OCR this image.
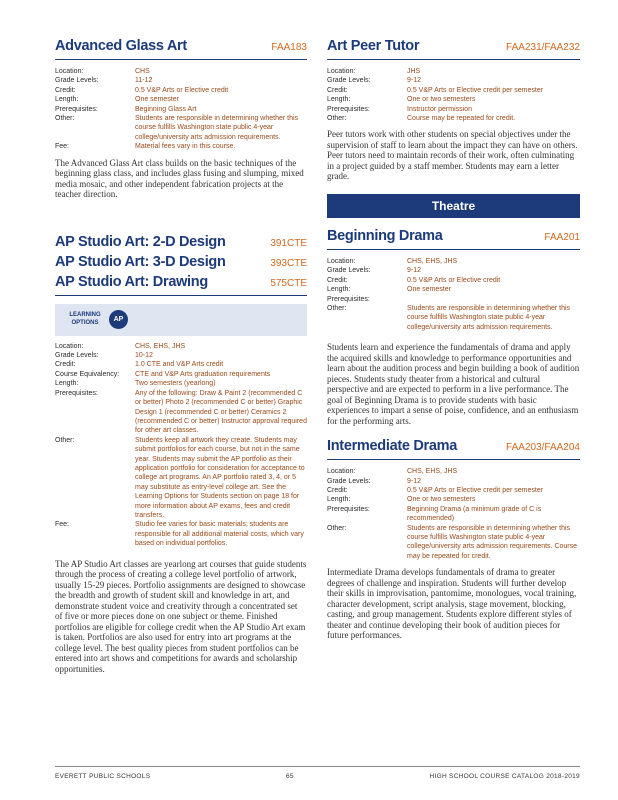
Advanced Glass Art	FAA183
Location:	CHS
Grade Levels:	11-12
Credit:	0.5 V&P Arts or Elective credit
Length:	One semester
Prerequisites:	Beginning Glass Art
Other:	Students are responsible in determining whether this course fulfills Washington state public 4-year college/university arts admission requirements.
Fee:	Material fees vary in this course.
The Advanced Glass Art class builds on the basic techniques of the beginning glass class, and includes glass fusing and slumping, mixed media mosaic, and other independent fabrication projects at the teacher direction.
AP Studio Art: 2-D Design	391CTE
AP Studio Art: 3-D Design	393CTE
AP Studio Art: Drawing	575CTE
LEARNING OPTIONS	AP
Location:	CHS, EHS, JHS
Grade Levels:	10-12
Credit:	1.0 CTE and V&P Arts credit
Course Equivalency:	CTE and V&P Arts graduation requirements
Length:	Two semesters (yearlong)
Prerequisites:	Any of the following: Draw & Paint 2 (recommended C or better) Photo 2 (recommended C or better) Graphic Design 1 (recommended C or better) Ceramics 2 (recommended C or better) Instructor approval required for other art classes.
Other:	Students keep all artwork they create. Students may submit portfolios for each course, but not in the same year. Students may submit the AP portfolio as their application portfolio for consideration for acceptance to college art programs. An AP portfolio rated 3, 4, or 5 may substitute as entry-level college art. See the Learning Options for Students section on page 18 for more information about AP exams, fees and credit transfers.
Fee:	Studio fee varies for basic materials; students are responsible for all additional material costs, which vary based on individual portfolios.
The AP Studio Art classes are yearlong art courses that guide students through the process of creating a college level portfolio of artwork, usually 15-29 pieces. Portfolio assignments are designed to showcase the breadth and growth of student skill and knowledge in art, and demonstrate student voice and creativity through a concentrated set of five or more pieces done on one subject or theme. Finished portfolios are eligible for college credit when the AP Studio Art exam is taken. Portfolios are also used for entry into art programs at the college level. The best quality pieces from student portfolios can be entered into art shows and competitions for awards and scholarship opportunities.
Art Peer Tutor	FAA231/FAA232
Location:	JHS
Grade Levels:	9-12
Credit:	0.5 V&P Arts or Elective credit per semester
Length:	One or two semesters
Prerequisites:	Instructor permission
Other:	Course may be repeated for credit.
Peer tutors work with other students on special objectives under the supervision of staff to learn about the impact they can have on others. Peer tutors need to maintain records of their work, often culminating in a project guided by a staff member. Students may earn a letter grade.
Theatre
Beginning Drama	FAA201
Location:	CHS, EHS, JHS
Grade Levels:	9-12
Credit:	0.5 V&P Arts or Elective credit
Length:	One semester
Prerequisites:
Other:	Students are responsible in determining whether this course fulfills Washington state public 4-year college/university arts admission requirements.
Students learn and experience the fundamentals of drama and apply the acquired skills and knowledge to performance opportunities and learn about the audition process and begin building a book of audition pieces. Students study theater from a historical and cultural perspective and are expected to perform in a live performance. The goal of Beginning Drama is to provide students with basic experiences to impart a sense of poise, confidence, and an enthusiasm for the performing arts.
Intermediate Drama	FAA203/FAA204
Location:	CHS, EHS, JHS
Grade Levels:	9-12
Credit:	0.5 V&P Arts or Elective credit per semester
Length:	One or two semesters
Prerequisites:	Beginning Drama (a minimum grade of C is recommended)
Other:	Students are responsible in determining whether this course fulfills Washington state public 4-year college/university arts admission requirements. Course may be repeated for credit.
Intermediate Drama develops fundamentals of drama to greater degrees of challenge and inspiration. Students will further develop their skills in improvisation, pantomime, monologues, vocal training, character development, script analysis, stage movement, blocking, casting, and group management. Students explore different styles of theater and continue developing their book of audition pieces for future performances.
EVERETT PUBLIC SCHOOLS	65	HIGH SCHOOL COURSE CATALOG 2018-2019
